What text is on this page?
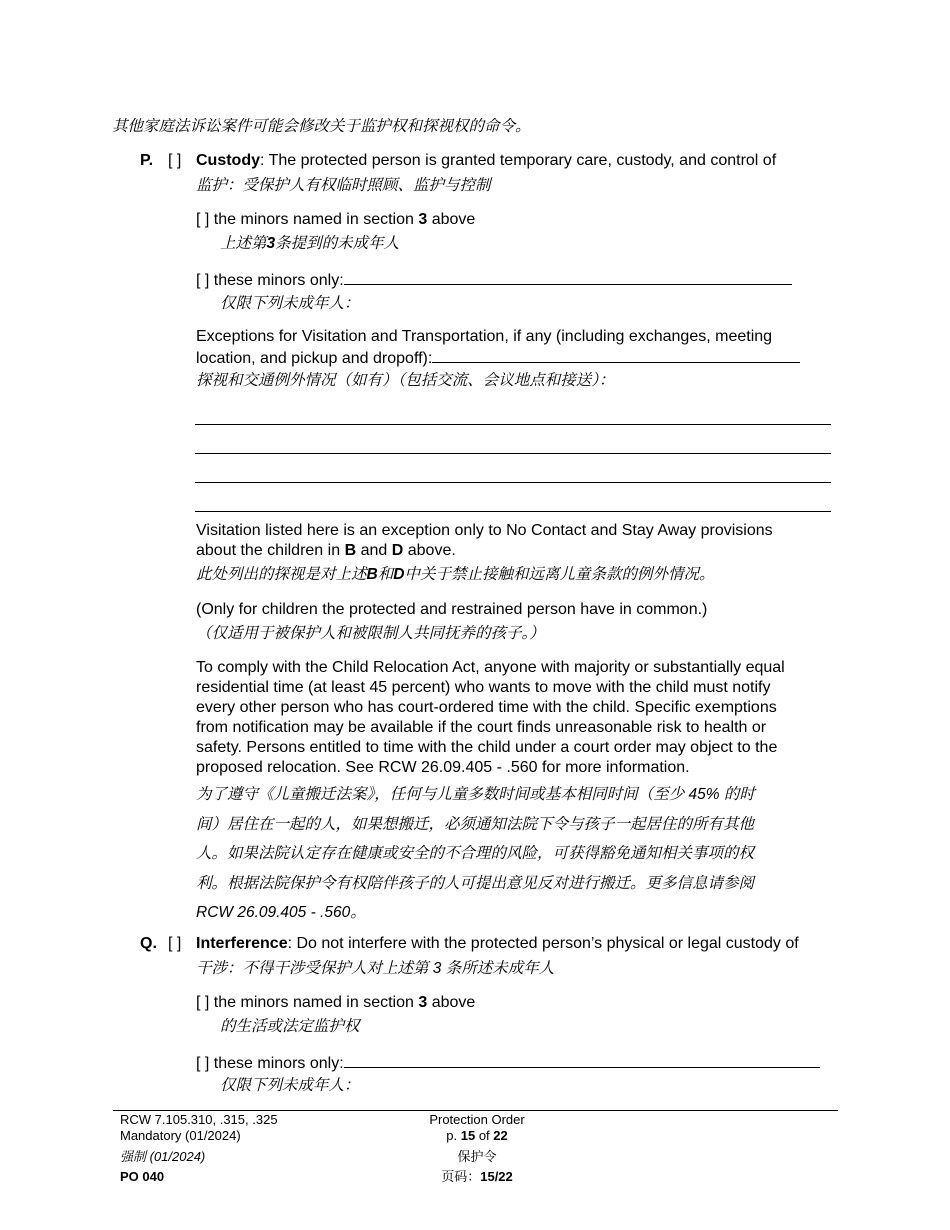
其他家庭法诉讼案件可能会修改关于监护权和探视权的命令。
P. [ ] Custody: The protected person is granted temporary care, custody, and control of
监护：受保护人有权临时照顾、监护与控制
[ ] the minors named in section 3 above
上述第3条提到的未成年人
[ ] these minors only:
仅限下列未成年人：
Exceptions for Visitation and Transportation, if any (including exchanges, meeting
location, and pickup and dropoff):
探视和交通例外情况（如有）（包括交流、会议地点和接送）：
Visitation listed here is an exception only to No Contact and Stay Away provisions
about the children in B and D above.
此处列出的探视是对上述B和D中关于禁止接触和远离儿童条款的例外情况。
(Only for children the protected and restrained person have in common.)
（仅适用于被保护人和被限制人共同抚养的孩子。）
To comply with the Child Relocation Act, anyone with majority or substantially equal
residential time (at least 45 percent) who wants to move with the child must notify
every other person who has court-ordered time with the child. Specific exemptions
from notification may be available if the court finds unreasonable risk to health or
safety. Persons entitled to time with the child under a court order may object to the
proposed relocation. See RCW 26.09.405 - .560 for more information.
为了遵守《儿童搬迁法案》，任何与儿童多数时间或基本相同时间（至少 45% 的时
间）居住在一起的人，如果想搬迁，必须通知法院下令与孩子一起居住的所有其他
人。如果法院认定存在健康或安全的不合理的风险，可获得豁免通知相关事项的权
利。根据法院保护令有权陪伴孩子的人可提出意见反对进行搬迁。更多信息请参阅
RCW 26.09.405 - .560。
Q. [ ] Interference: Do not interfere with the protected person’s physical or legal custody of
干涉：不得干涉受保护人对上述第 3 条所述未成年人
[ ] the minors named in section 3 above
的生活或法定监护权
[ ] these minors only:
仅限下列未成年人：
RCW 7.105.310, .315, .325
Mandatory (01/2024)
强制 (01/2024)
PO 040
Protection Order
p. 15 of 22
保护令
页码：15/22
